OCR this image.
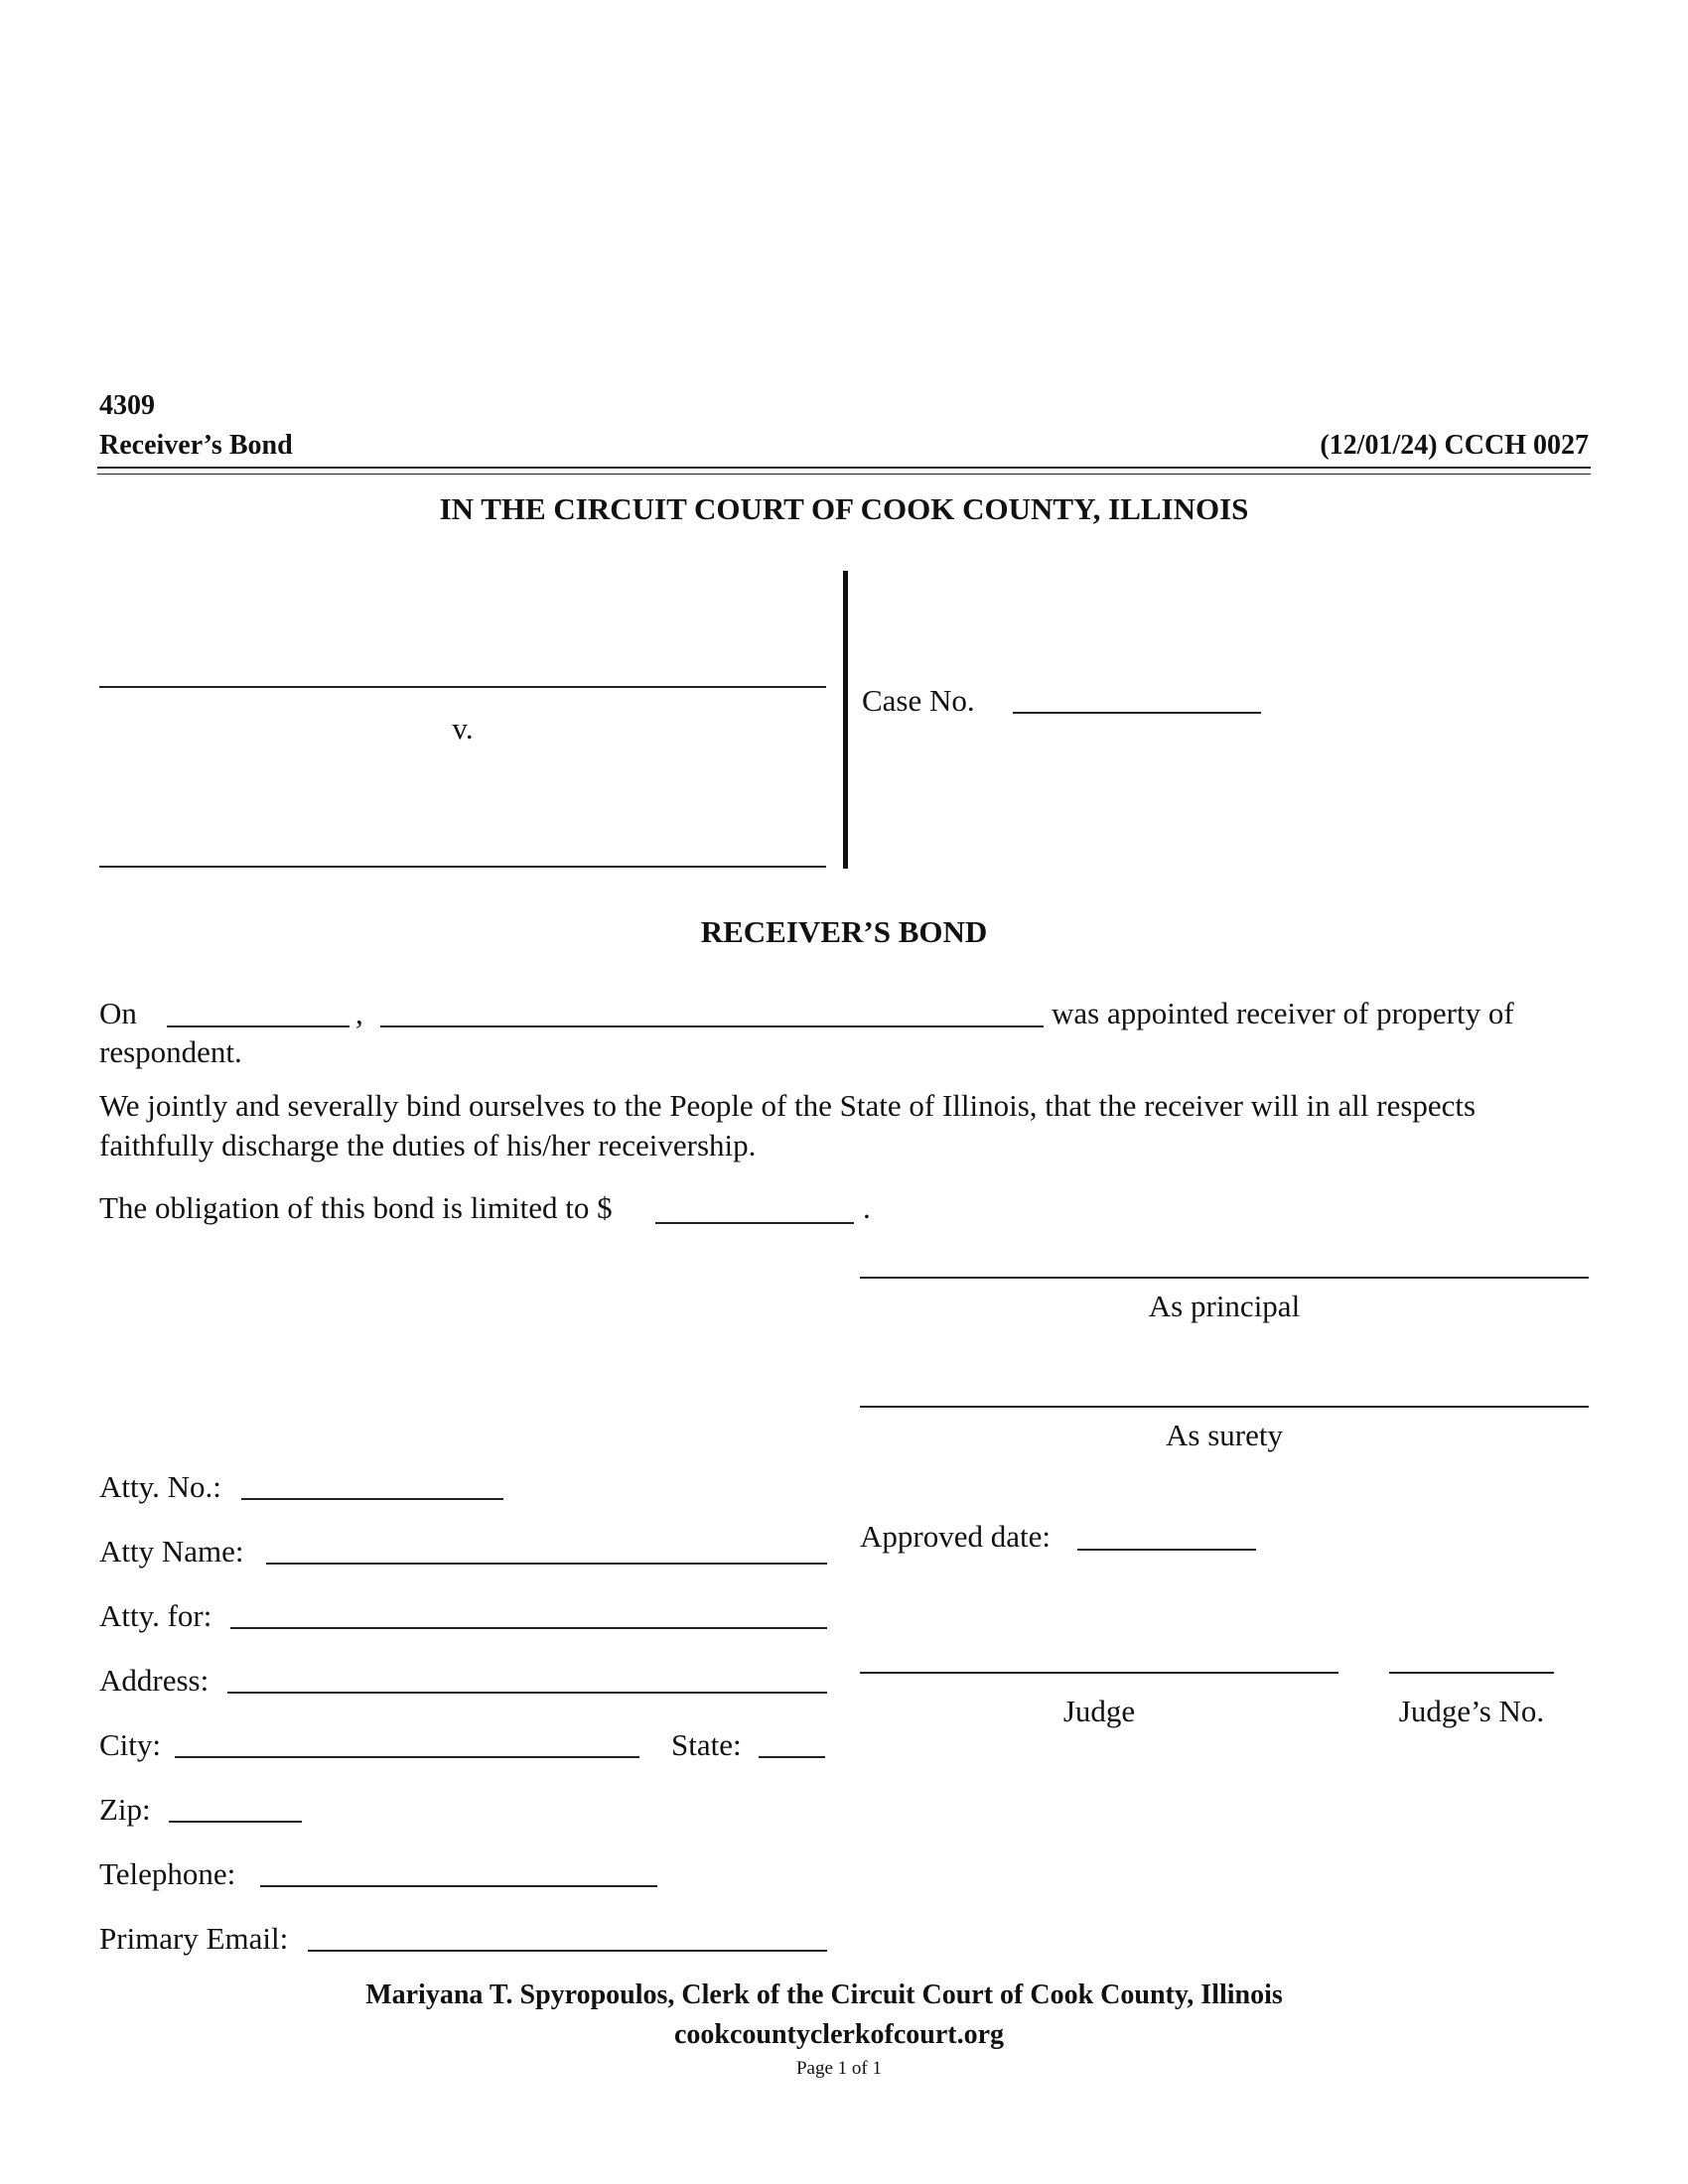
4309
Receiver’s Bond	(12/01/24) CCCH 0027
IN THE CIRCUIT COURT OF COOK COUNTY, ILLINOIS
v.
Case No.
RECEIVER’S BOND
On	,	was appointed receiver of property of
respondent.
We jointly and severally bind ourselves to the People of the State of Illinois, that the receiver will in all respects faithfully discharge the duties of his/her receivership.
The obligation of this bond is limited to $	.
As principal
As surety
Approved date:
Judge	Judge’s No.
Atty. No.:
Atty Name:
Atty. for:
Address:
City:	State:
Zip:
Telephone:
Primary Email:
Mariyana T. Spyropoulos, Clerk of the Circuit Court of Cook County, Illinois
cookcountyclerkofcourt.org
Page 1 of 1
